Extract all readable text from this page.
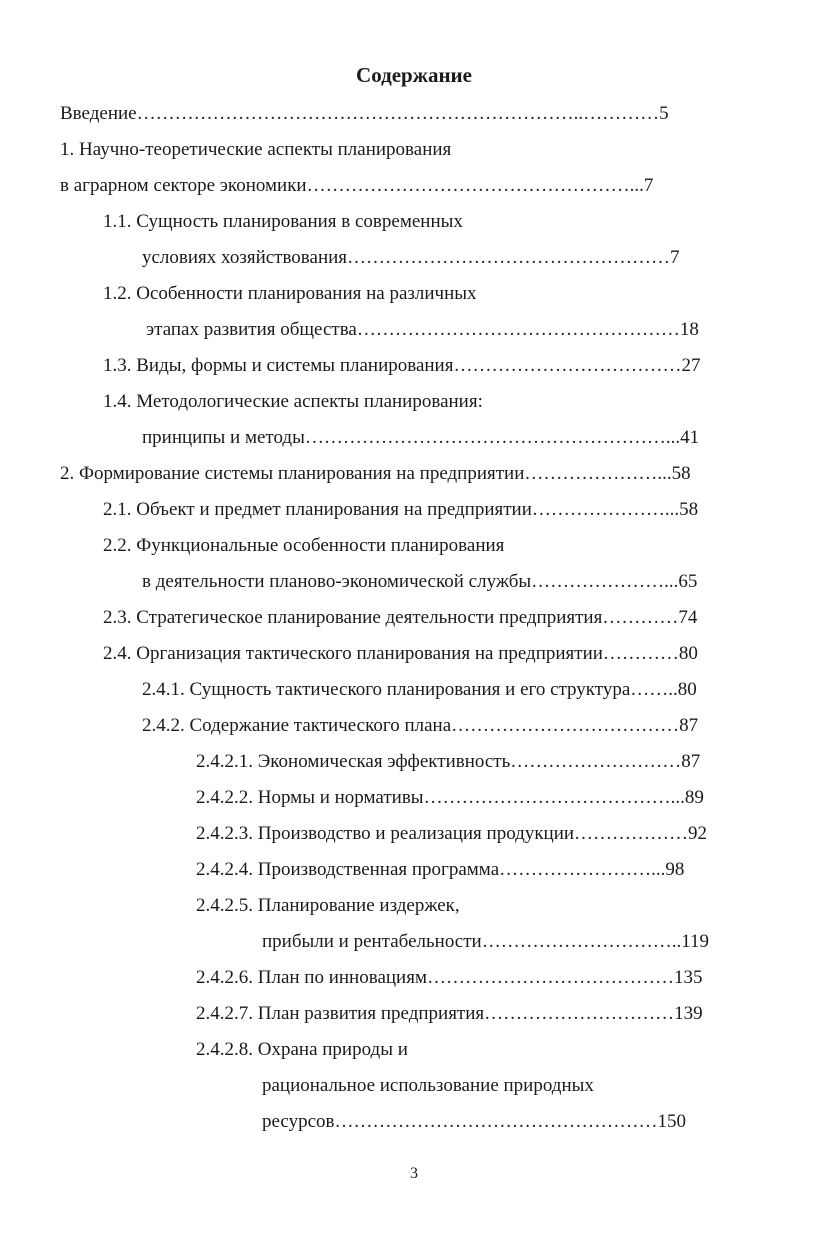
Содержание
Введение……………………………………………………………..…………5
1. Научно-теоретические аспекты планирования
в аграрном секторе экономики……………………………………………...7
1.1. Сущность планирования в современных
условиях хозяйствования……………………………………………7
1.2. Особенности планирования на различных
этапах развития общества……………………………………………18
1.3. Виды, формы и системы планирования………………………………27
1.4. Методологические аспекты планирования:
принципы и методы…………………………………………………...41
2. Формирование системы планирования на предприятии…………………...58
2.1. Объект и предмет планирования на предприятии…………………...58
2.2. Функциональные особенности планирования
в деятельности планово-экономической службы…………………...65
2.3. Стратегическое планирование деятельности предприятия…………74
2.4. Организация тактического планирования на предприятии…………80
2.4.1. Сущность тактического планирования и его структура……..80
2.4.2. Содержание тактического плана………………………………87
2.4.2.1. Экономическая эффективность………………………87
2.4.2.2. Нормы и нормативы…………………………………...89
2.4.2.3. Производство и реализация продукции………………92
2.4.2.4. Производственная программа……………………...98
2.4.2.5. Планирование издержек,
прибыли и рентабельности…………………………..119
2.4.2.6. План по инновациям…………………………………135
2.4.2.7. План развития предприятия…………………………139
2.4.2.8. Охрана природы и
рациональное использование природных
ресурсов……………………………………………150
3
